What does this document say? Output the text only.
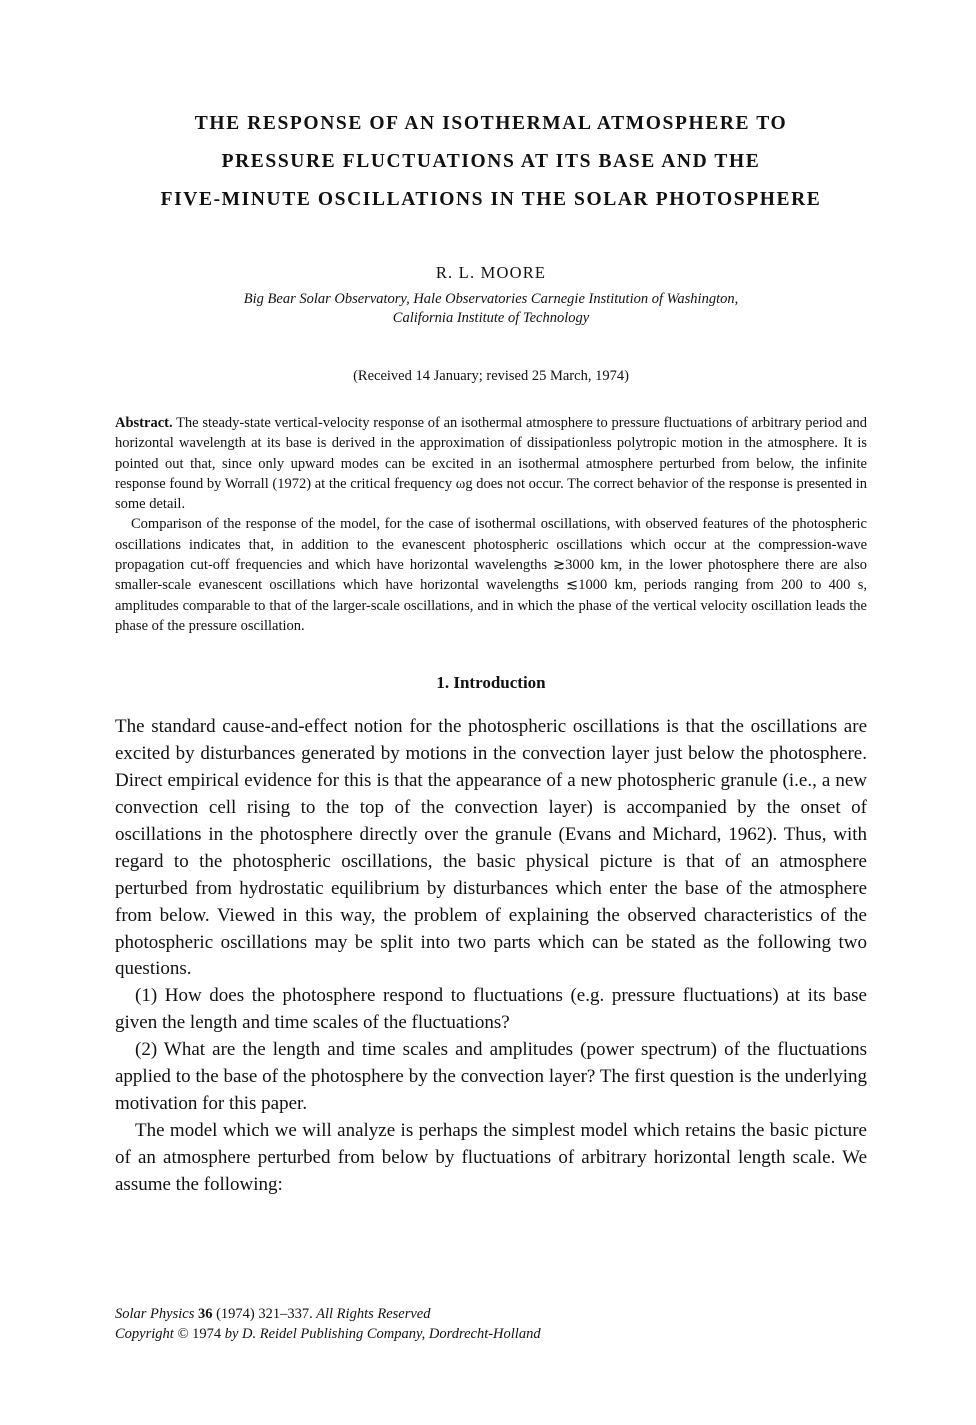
THE RESPONSE OF AN ISOTHERMAL ATMOSPHERE TO
PRESSURE FLUCTUATIONS AT ITS BASE AND THE
FIVE-MINUTE OSCILLATIONS IN THE SOLAR PHOTOSPHERE
R. L. MOORE
Big Bear Solar Observatory, Hale Observatories Carnegie Institution of Washington,
California Institute of Technology
(Received 14 January; revised 25 March, 1974)

Abstract. The steady-state vertical-velocity response of an isothermal atmosphere to pressure fluctuations of arbitrary period and horizontal wavelength at its base is derived in the approximation of dissipationless polytropic motion in the atmosphere. It is pointed out that, since only upward modes can be excited in an isothermal atmosphere perturbed from below, the infinite response found by Worrall (1972) at the critical frequency ωg does not occur. The correct behavior of the response is presented in some detail.

Comparison of the response of the model, for the case of isothermal oscillations, with observed features of the photospheric oscillations indicates that, in addition to the evanescent photospheric oscillations which occur at the compression-wave propagation cut-off frequencies and which have horizontal wavelengths ≳3000 km, in the lower photosphere there are also smaller-scale evanescent oscillations which have horizontal wavelengths ≲1000 km, periods ranging from 200 to 400 s, amplitudes comparable to that of the larger-scale oscillations, and in which the phase of the vertical velocity oscillation leads the phase of the pressure oscillation.

1. Introduction

The standard cause-and-effect notion for the photospheric oscillations is that the oscillations are excited by disturbances generated by motions in the convection layer just below the photosphere. Direct empirical evidence for this is that the appearance of a new photospheric granule (i.e., a new convection cell rising to the top of the convection layer) is accompanied by the onset of oscillations in the photosphere directly over the granule (Evans and Michard, 1962). Thus, with regard to the photospheric oscillations, the basic physical picture is that of an atmosphere perturbed from hydrostatic equilibrium by disturbances which enter the base of the atmosphere from below. Viewed in this way, the problem of explaining the observed characteristics of the photospheric oscillations may be split into two parts which can be stated as the following two questions.

(1) How does the photosphere respond to fluctuations (e.g. pressure fluctuations) at its base given the length and time scales of the fluctuations?

(2) What are the length and time scales and amplitudes (power spectrum) of the fluctuations applied to the base of the photosphere by the convection layer? The first question is the underlying motivation for this paper.

The model which we will analyze is perhaps the simplest model which retains the basic picture of an atmosphere perturbed from below by fluctuations of arbitrary horizontal length scale. We assume the following:

Solar Physics 36 (1974) 321–337. All Rights Reserved
Copyright © 1974 by D. Reidel Publishing Company, Dordrecht-Holland
